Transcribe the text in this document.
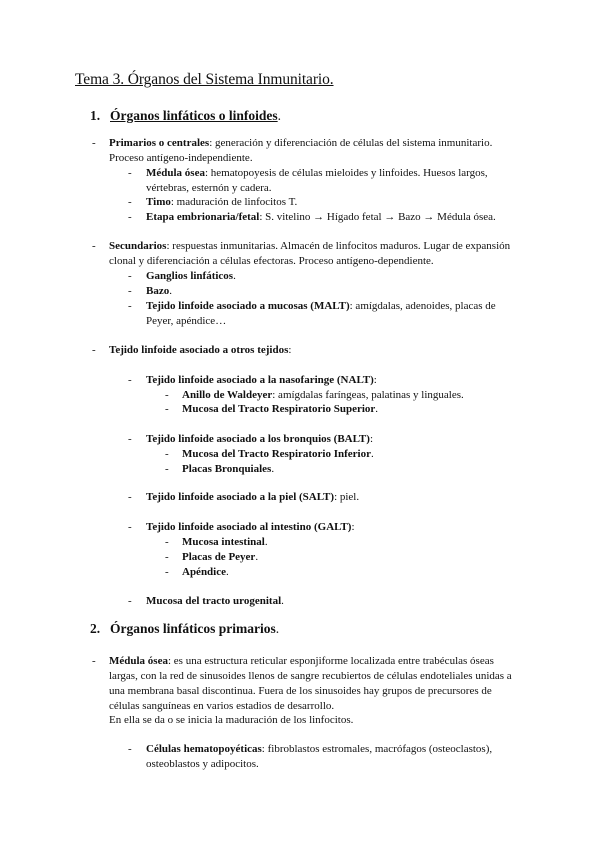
Tema 3. Órganos del Sistema Inmunitario.
1. Órganos linfáticos o linfoides.
- Primarios o centrales: generación y diferenciación de células del sistema inmunitario.
Proceso antígeno-independiente.
- Médula ósea: hematopoyesis de células mieloides y linfoides. Huesos largos,
vértebras, esternón y cadera.
- Timo: maduración de linfocitos T.
- Etapa embrionaria/fetal: S. vitelino → Hígado fetal → Bazo → Médula ósea.
- Secundarios: respuestas inmunitarias. Almacén de linfocitos maduros. Lugar de expansión
clonal y diferenciación a células efectoras. Proceso antígeno-dependiente.
- Ganglios linfáticos.
- Bazo.
- Tejido linfoide asociado a mucosas (MALT): amígdalas, adenoides, placas de
Peyer, apéndice…
- Tejido linfoide asociado a otros tejidos:
- Tejido linfoide asociado a la nasofaringe (NALT):
- Anillo de Waldeyer: amígdalas faríngeas, palatinas y linguales.
- Mucosa del Tracto Respiratorio Superior.
- Tejido linfoide asociado a los bronquios (BALT):
- Mucosa del Tracto Respiratorio Inferior.
- Placas Bronquiales.
- Tejido linfoide asociado a la piel (SALT): piel.
- Tejido linfoide asociado al intestino (GALT):
- Mucosa intestinal.
- Placas de Peyer.
- Apéndice.
- Mucosa del tracto urogenital.
2. Órganos linfáticos primarios.
- Médula ósea: es una estructura reticular esponjiforme localizada entre trabéculas óseas
largas, con la red de sinusoides llenos de sangre recubiertos de células endoteliales unidas a
una membrana basal discontinua. Fuera de los sinusoides hay grupos de precursores de
células sanguíneas en varios estadios de desarrollo.
En ella se da o se inicia la maduración de los linfocitos.
- Células hematopoyéticas: fibroblastos estromales, macrófagos (osteoclastos),
osteoblastos y adipocitos.
